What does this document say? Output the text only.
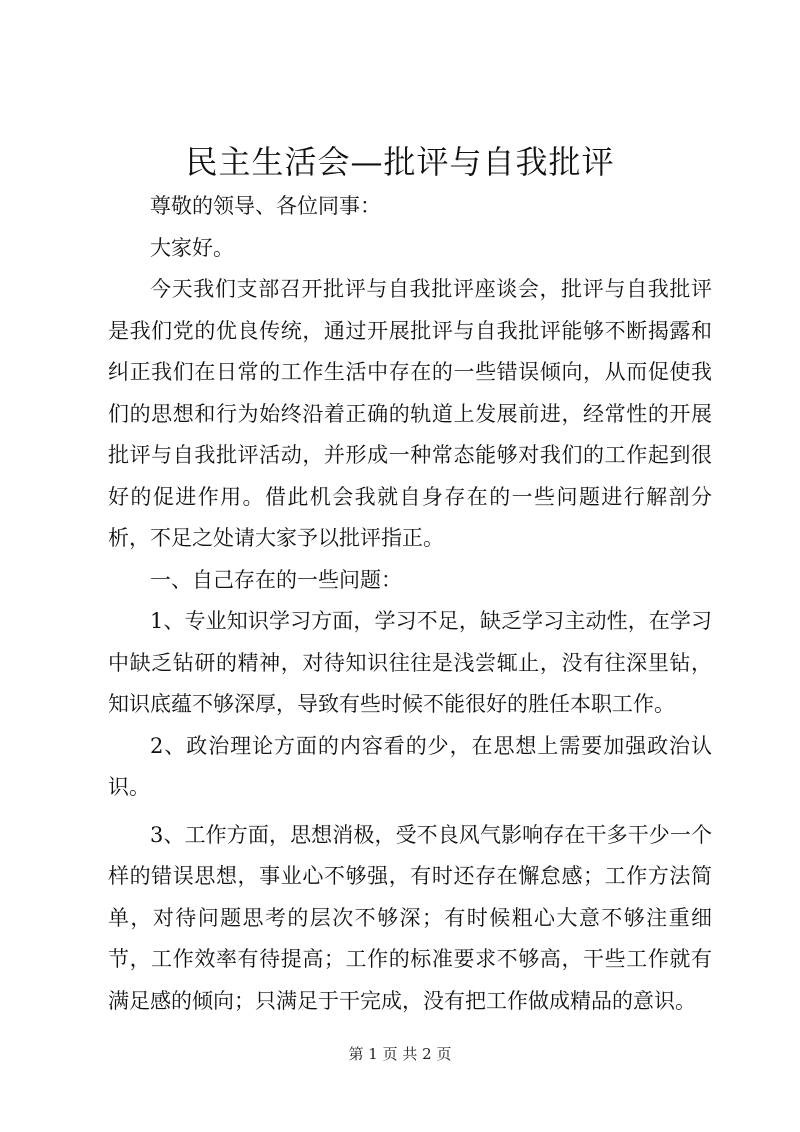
民主生活会—批评与自我批评

尊敬的领导、各位同事：

大家好。

今天我们支部召开批评与自我批评座谈会，批评与自我批评是我们党的优良传统，通过开展批评与自我批评能够不断揭露和纠正我们在日常的工作生活中存在的一些错误倾向，从而促使我们的思想和行为始终沿着正确的轨道上发展前进，经常性的开展批评与自我批评活动，并形成一种常态能够对我们的工作起到很好的促进作用。借此机会我就自身存在的一些问题进行解剖分析，不足之处请大家予以批评指正。

一、自己存在的一些问题：

1、专业知识学习方面，学习不足，缺乏学习主动性，在学习中缺乏钻研的精神，对待知识往往是浅尝辄止，没有往深里钻，知识底蕴不够深厚，导致有些时候不能很好的胜任本职工作。

2、政治理论方面的内容看的少，在思想上需要加强政治认识。

3、工作方面，思想消极，受不良风气影响存在干多干少一个样的错误思想，事业心不够强，有时还存在懈怠感；工作方法简单，对待问题思考的层次不够深；有时候粗心大意不够注重细节，工作效率有待提高；工作的标准要求不够高，干些工作就有满足感的倾向；只满足于干完成，没有把工作做成精品的意识。

第 1 页 共 2 页
